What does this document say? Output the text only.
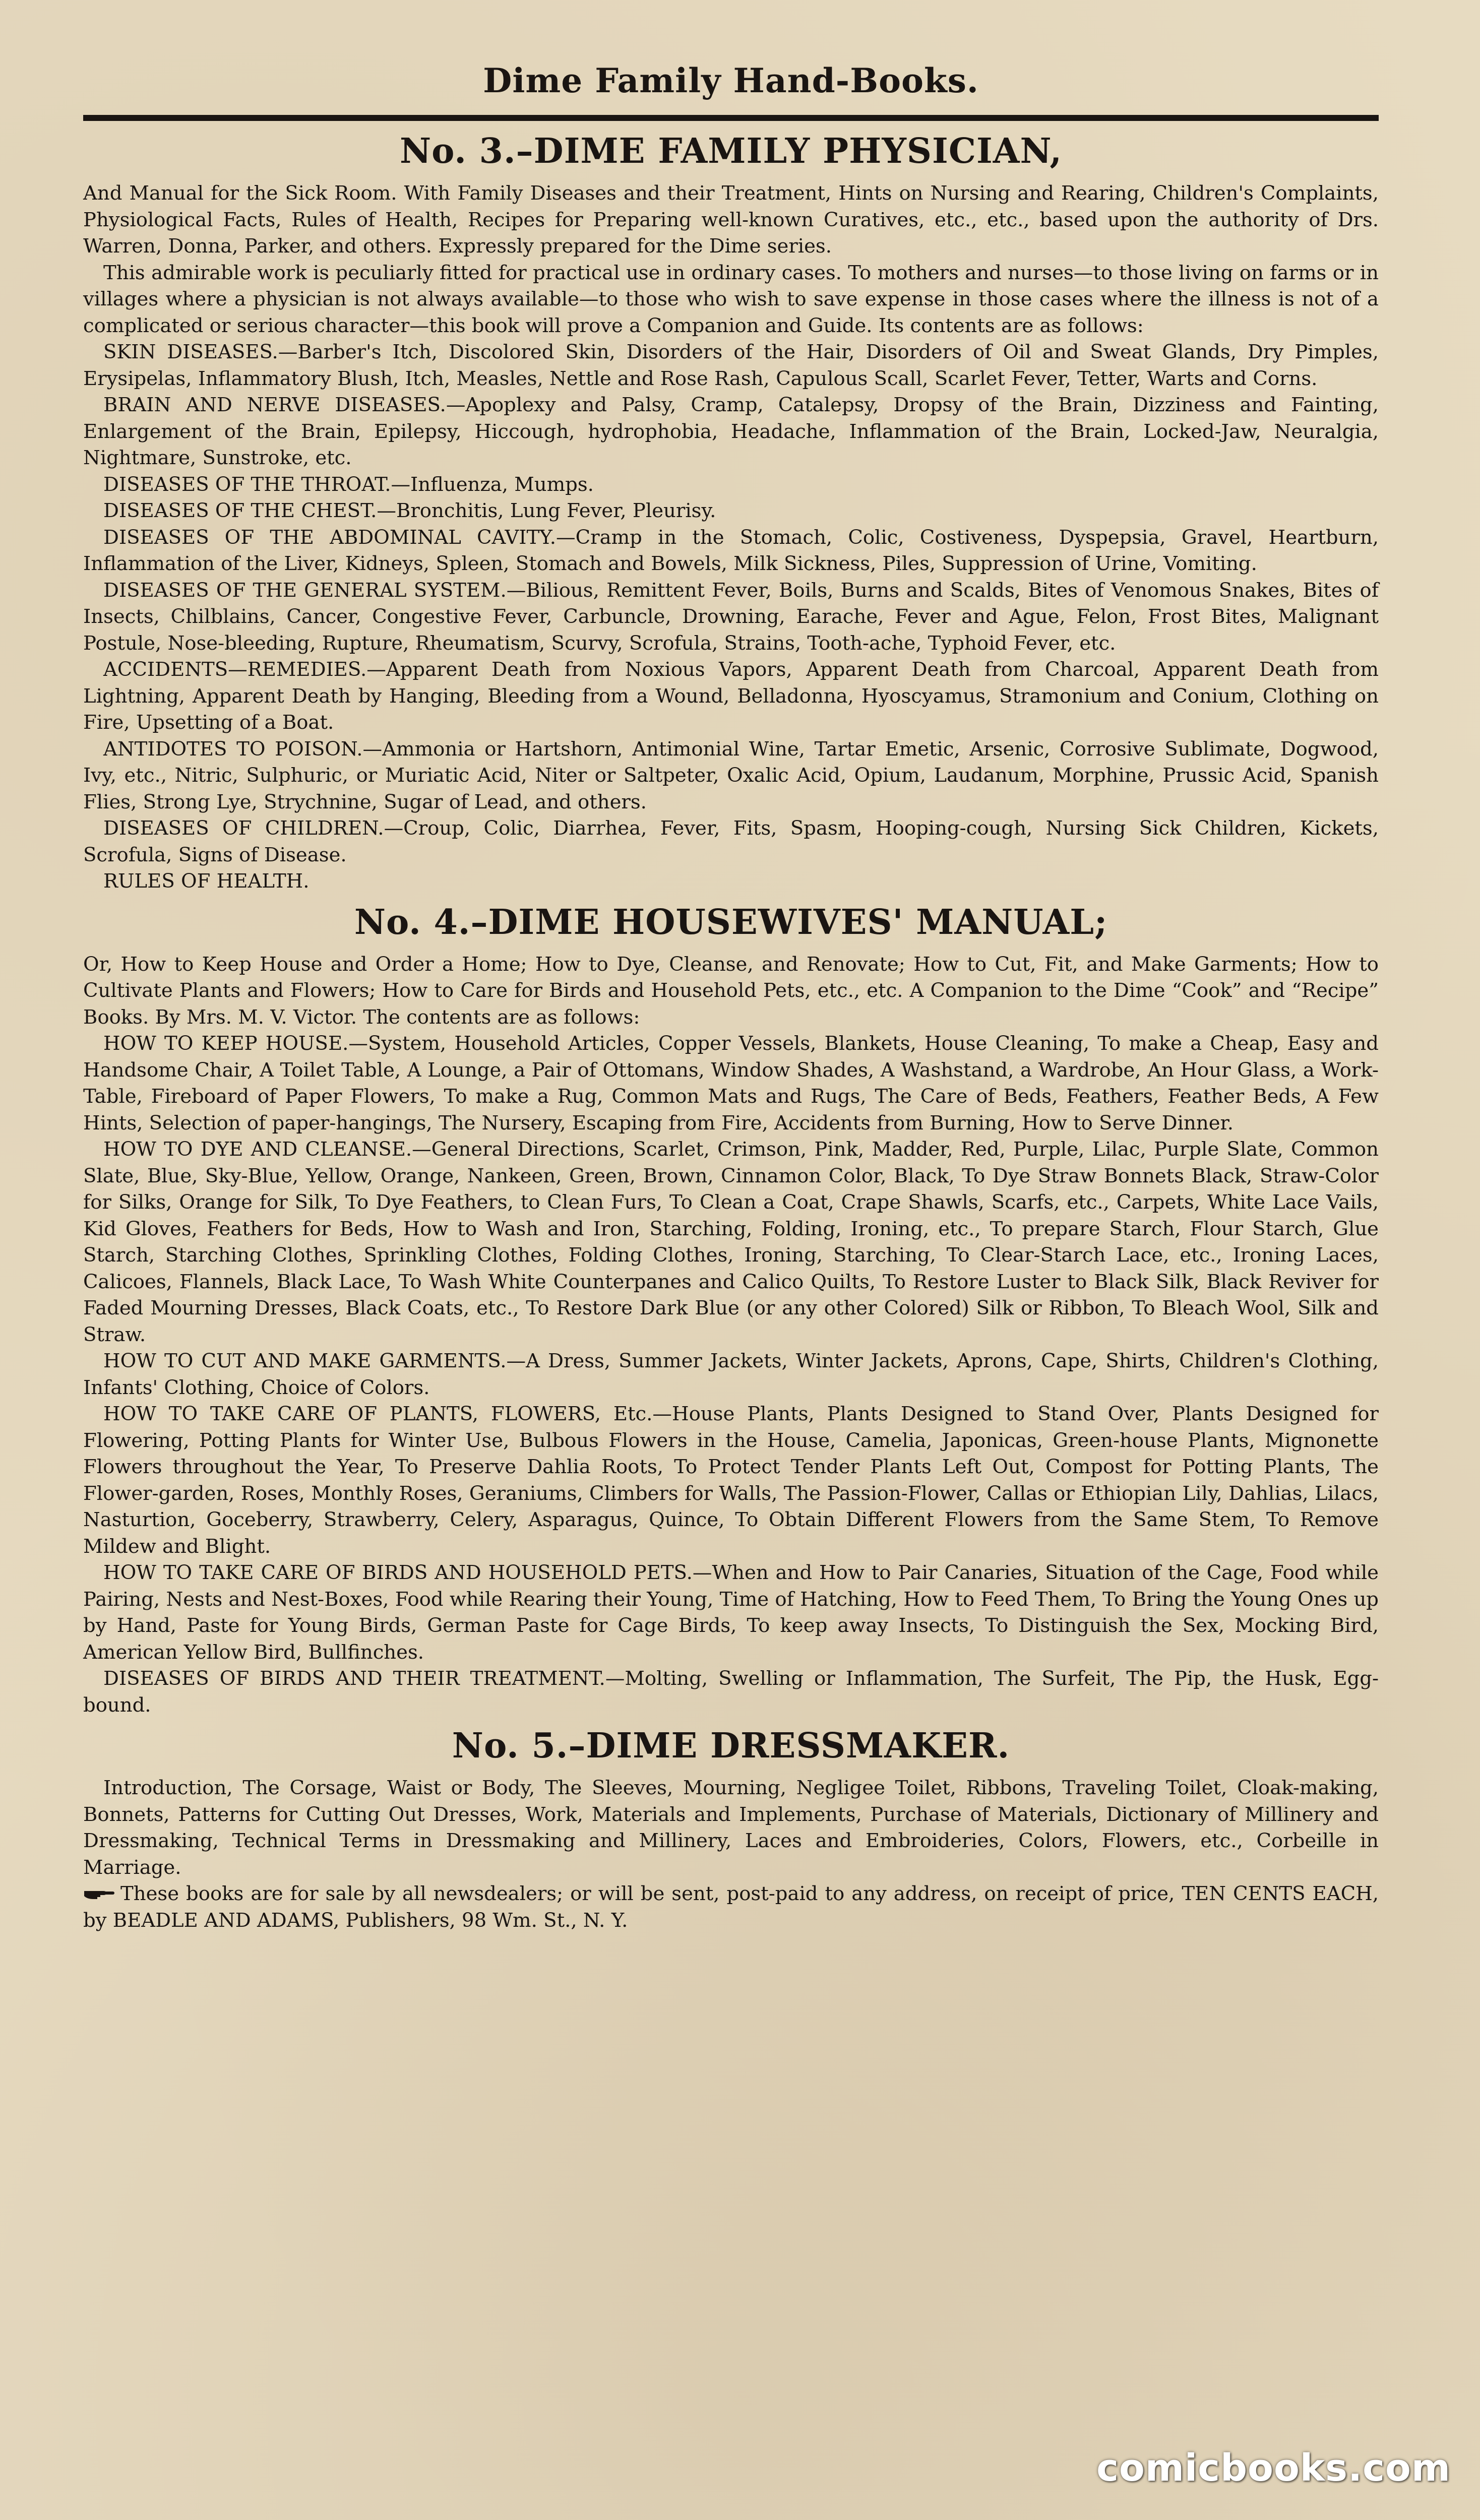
Dime Family Hand-Books.
No. 3.–DIME FAMILY PHYSICIAN,

And Manual for the Sick Room. With Family Diseases and their Treatment, Hints on Nursing and Rearing, Children's Complaints, Physiological Facts, Rules of Health, Recipes for Preparing well-known Curatives, etc., etc., based upon the authority of Drs. Warren, Donna, Parker, and others. Expressly prepared for the Dime series.

This admirable work is peculiarly fitted for practical use in ordinary cases. To mothers and nurses—to those living on farms or in villages where a physician is not always available—to those who wish to save expense in those cases where the illness is not of a complicated or serious character—this book will prove a Companion and Guide. Its contents are as follows:

SKIN DISEASES.—Barber's Itch, Discolored Skin, Disorders of the Hair, Disorders of Oil and Sweat Glands, Dry Pimples, Erysipelas, Inflammatory Blush, Itch, Measles, Nettle and Rose Rash, Capulous Scall, Scarlet Fever, Tetter, Warts and Corns.

BRAIN AND NERVE DISEASES.—Apoplexy and Palsy, Cramp, Catalepsy, Dropsy of the Brain, Dizziness and Fainting, Enlargement of the Brain, Epilepsy, Hiccough, hydrophobia, Headache, Inflammation of the Brain, Locked-Jaw, Neuralgia, Nightmare, Sunstroke, etc.

DISEASES OF THE THROAT.—Influenza, Mumps.

DISEASES OF THE CHEST.—Bronchitis, Lung Fever, Pleurisy.

DISEASES OF THE ABDOMINAL CAVITY.—Cramp in the Stomach, Colic, Costiveness, Dyspepsia, Gravel, Heartburn, Inflammation of the Liver, Kidneys, Spleen, Stomach and Bowels, Milk Sickness, Piles, Suppression of Urine, Vomiting.

DISEASES OF THE GENERAL SYSTEM.—Bilious, Remittent Fever, Boils, Burns and Scalds, Bites of Venomous Snakes, Bites of Insects, Chilblains, Cancer, Congestive Fever, Carbuncle, Drowning, Earache, Fever and Ague, Felon, Frost Bites, Malignant Postule, Nose-bleeding, Rupture, Rheumatism, Scurvy, Scrofula, Strains, Tooth-ache, Typhoid Fever, etc.

ACCIDENTS—REMEDIES.—Apparent Death from Noxious Vapors, Apparent Death from Charcoal, Apparent Death from Lightning, Apparent Death by Hanging, Bleeding from a Wound, Belladonna, Hyoscyamus, Stramonium and Conium, Clothing on Fire, Upsetting of a Boat.

ANTIDOTES TO POISON.—Ammonia or Hartshorn, Antimonial Wine, Tartar Emetic, Arsenic, Corrosive Sublimate, Dogwood, Ivy, etc., Nitric, Sulphuric, or Muriatic Acid, Niter or Saltpeter, Oxalic Acid, Opium, Laudanum, Morphine, Prussic Acid, Spanish Flies, Strong Lye, Strychnine, Sugar of Lead, and others.

DISEASES OF CHILDREN.—Croup, Colic, Diarrhea, Fever, Fits, Spasm, Hooping-cough, Nursing Sick Children, Kickets, Scrofula, Signs of Disease.

RULES OF HEALTH.

No. 4.–DIME HOUSEWIVES' MANUAL;

Or, How to Keep House and Order a Home; How to Dye, Cleanse, and Renovate; How to Cut, Fit, and Make Garments; How to Cultivate Plants and Flowers; How to Care for Birds and Household Pets, etc., etc. A Companion to the Dime “Cook” and “Recipe” Books. By Mrs. M. V. Victor. The contents are as follows:

HOW TO KEEP HOUSE.—System, Household Articles, Copper Vessels, Blankets, House Cleaning, To make a Cheap, Easy and Handsome Chair, A Toilet Table, A Lounge, a Pair of Ottomans, Window Shades, A Washstand, a Wardrobe, An Hour Glass, a Work-Table, Fireboard of Paper Flowers, To make a Rug, Common Mats and Rugs, The Care of Beds, Feathers, Feather Beds, A Few Hints, Selection of paper-hangings, The Nursery, Escaping from Fire, Accidents from Burning, How to Serve Dinner.

HOW TO DYE AND CLEANSE.—General Directions, Scarlet, Crimson, Pink, Madder, Red, Purple, Lilac, Purple Slate, Common Slate, Blue, Sky-Blue, Yellow, Orange, Nankeen, Green, Brown, Cinnamon Color, Black, To Dye Straw Bonnets Black, Straw-Color for Silks, Orange for Silk, To Dye Feathers, to Clean Furs, To Clean a Coat, Crape Shawls, Scarfs, etc., Carpets, White Lace Vails, Kid Gloves, Feathers for Beds, How to Wash and Iron, Starching, Folding, Ironing, etc., To prepare Starch, Flour Starch, Glue Starch, Starching Clothes, Sprinkling Clothes, Folding Clothes, Ironing, Starching, To Clear-Starch Lace, etc., Ironing Laces, Calicoes, Flannels, Black Lace, To Wash White Counterpanes and Calico Quilts, To Restore Luster to Black Silk, Black Reviver for Faded Mourning Dresses, Black Coats, etc., To Restore Dark Blue (or any other Colored) Silk or Ribbon, To Bleach Wool, Silk and Straw.

HOW TO CUT AND MAKE GARMENTS.—A Dress, Summer Jackets, Winter Jackets, Aprons, Cape, Shirts, Children's Clothing, Infants' Clothing, Choice of Colors.

HOW TO TAKE CARE OF PLANTS, FLOWERS, Etc.—House Plants, Plants Designed to Stand Over, Plants Designed for Flowering, Potting Plants for Winter Use, Bulbous Flowers in the House, Camelia, Japonicas, Green-house Plants, Mignonette Flowers throughout the Year, To Preserve Dahlia Roots, To Protect Tender Plants Left Out, Compost for Potting Plants, The Flower-garden, Roses, Monthly Roses, Geraniums, Climbers for Walls, The Passion-Flower, Callas or Ethiopian Lily, Dahlias, Lilacs, Nasturtion, Goceberry, Strawberry, Celery, Asparagus, Quince, To Obtain Different Flowers from the Same Stem, To Remove Mildew and Blight.

HOW TO TAKE CARE OF BIRDS AND HOUSEHOLD PETS.—When and How to Pair Canaries, Situation of the Cage, Food while Pairing, Nests and Nest-Boxes, Food while Rearing their Young, Time of Hatching, How to Feed Them, To Bring the Young Ones up by Hand, Paste for Young Birds, German Paste for Cage Birds, To keep away Insects, To Distinguish the Sex, Mocking Bird, American Yellow Bird, Bullfinches.

DISEASES OF BIRDS AND THEIR TREATMENT.—Molting, Swelling or Inflammation, The Surfeit, The Pip, the Husk, Egg-bound.

No. 5.–DIME DRESSMAKER.

Introduction, The Corsage, Waist or Body, The Sleeves, Mourning, Negligee Toilet, Ribbons, Traveling Toilet, Cloak-making, Bonnets, Patterns for Cutting Out Dresses, Work, Materials and Implements, Purchase of Materials, Dictionary of Millinery and Dressmaking, Technical Terms in Dressmaking and Millinery, Laces and Embroideries, Colors, Flowers, etc., Corbeille in Marriage.

These books are for sale by all newsdealers; or will be sent, post-paid to any address, on receipt of price, TEN CENTS EACH, by BEADLE AND ADAMS, Publishers, 98 Wm. St., N. Y.

comicbooks.com
